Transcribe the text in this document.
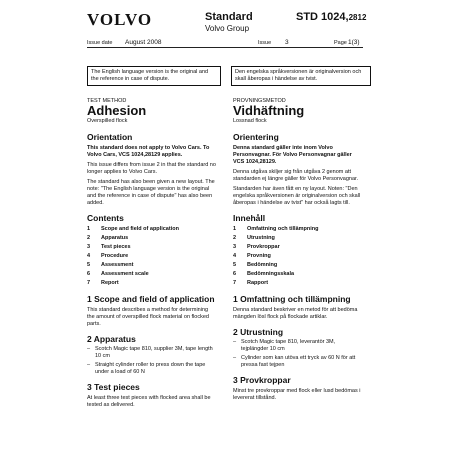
VOLVO	Standard
Volvo Group
STD 1024,2812
Issue date August 2008	Issue 3	Page 1(3)
The English language version is the original and the reference in case of dispute.
Den engelska språkversionen är originalversion och skall åberopas i händelse av tvist.
TEST METHOD
Adhesion
Overspilled flock
Orientation
This standard does not apply to Volvo Cars. To Volvo Cars, VCS 1024,28129 applies.
This issue differs from issue 2 in that the standard no longer applies to Volvo Cars.
The standard has also been given a new layout. The note: "The English language version is the original and the reference in case of dispute" has also been added.
Contents
1	Scope and field of application
2	Apparatus
3	Test pieces
4	Procedure
5	Assessment
6	Assessment scale
7	Report
1 Scope and field of application
This standard describes a method for determining the amount of overspilled flock material on flocked parts.
2 Apparatus
– Scotch Magic tape 810, supplier 3M, tape length 10 cm
– Straight cylinder roller to press down the tape under a load of 60 N
3 Test pieces
At least three test pieces with flocked area shall be tested as delivered.
PROVNINGSMETOD
Vidhäftning
Lossnad flock
Orientering
Denna standard gäller inte inom Volvo Personvagnar. För Volvo Personvagnar gäller VCS 1024,28129.
Denna utgåva skiljer sig från utgåva 2 genom att standarden ej längre gäller för Volvo Personvagnar.
Standarden har även fått en ny layout. Noten: "Den engelska språkversionen är originalversion och skall åberopas i händelse av tvist" har också lagts till.
Innehåll
1	Omfattning och tillämpning
2	Utrustning
3	Provkroppar
4	Provning
5	Bedömning
6	Bedömningsskala
7	Rapport
1 Omfattning och tillämpning
Denna standard beskriver en metod för att bedöma mängden lösl flock på flockade artiklar.
2 Utrustning
– Scotch Magic tape 810, leverantör 3M, tejplängder 10 cm
– Cylinder som kan utöva ett tryck av 60 N för att pressa fast tejpen
3 Provkroppar
Minst tre provkroppar med flock eller lusd bedömas i levererat tillstånd.
